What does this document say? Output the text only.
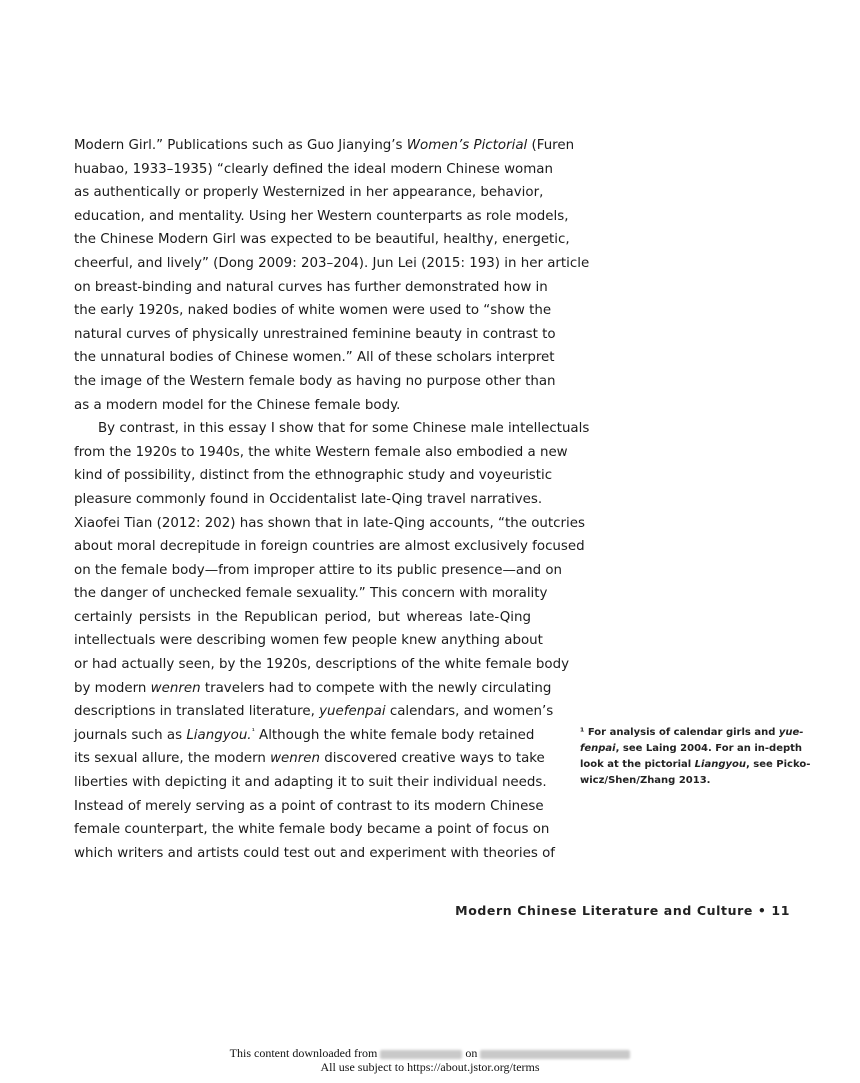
Modern Girl.” Publications such as Guo Jianying’s Women’s Pictorial (Furen
huabao, 1933–1935) “clearly defined the ideal modern Chinese woman
as authentically or properly Westernized in her appearance, behavior,
education, and mentality. Using her Western counterparts as role models,
the Chinese Modern Girl was expected to be beautiful, healthy, energetic,
cheerful, and lively” (Dong 2009: 203–204). Jun Lei (2015: 193) in her article
on breast-binding and natural curves has further demonstrated how in
the early 1920s, naked bodies of white women were used to “show the
natural curves of physically unrestrained feminine beauty in contrast to
the unnatural bodies of Chinese women.” All of these scholars interpret
the image of the Western female body as having no purpose other than
as a modern model for the Chinese female body.
By contrast, in this essay I show that for some Chinese male intellectuals
from the 1920s to 1940s, the white Western female also embodied a new
kind of possibility, distinct from the ethnographic study and voyeuristic
pleasure commonly found in Occidentalist late-Qing travel narratives.
Xiaofei Tian (2012: 202) has shown that in late-Qing accounts, “the outcries
about moral decrepitude in foreign countries are almost exclusively focused
on the female body—from improper attire to its public presence—and on
the danger of unchecked female sexuality.” This concern with morality
certainly persists in the Republican period, but whereas late-Qing
intellectuals were describing women few people knew anything about
or had actually seen, by the 1920s, descriptions of the white female body
by modern wenren travelers had to compete with the newly circulating
descriptions in translated literature, yuefenpai calendars, and women’s
journals such as Liangyou.$^{^1}$ Although the white female body retained
its sexual allure, the modern wenren discovered creative ways to take
liberties with depicting it and adapting it to suit their individual needs.
Instead of merely serving as a point of contrast to its modern Chinese
female counterpart, the white female body became a point of focus on
which writers and artists could test out and experiment with theories of
¹ For analysis of calendar girls and yue-
fenpai, see Laing 2004. For an in-depth
look at the pictorial Liangyou, see Picko-
wicz/Shen/Zhang 2013.
Modern Chinese Literature and Culture • 11
This content downloaded from	on
All use subject to https://about.jstor.org/terms
